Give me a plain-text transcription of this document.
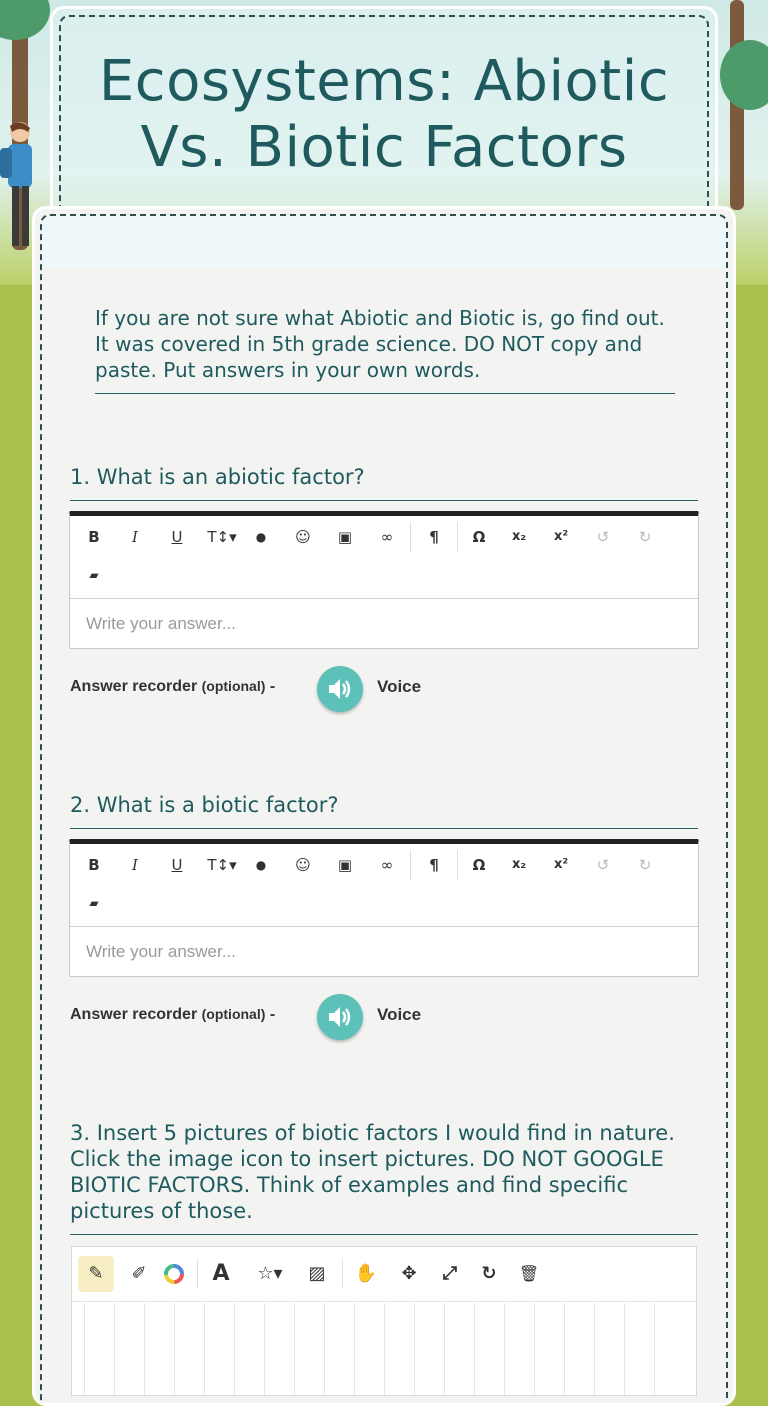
Ecosystems: Abiotic Vs. Biotic Factors
If you are not sure what Abiotic and Biotic is, go find out. It was covered in 5th grade science. DO NOT copy and paste. Put answers in your own words.
1. What is an abiotic factor?
B	I	U	T↕▾	●	☺	▣	∞	¶	Ω	x₂	x²	↺	↻
▰
Write your answer...
Answer recorder (optional) -	Voice
2. What is a biotic factor?
B	I	U	T↕▾	●	☺	▣	∞	¶	Ω	x₂	x²	↺	↻
▰
Write your answer...
Answer recorder (optional) -	Voice
3. Insert 5 pictures of biotic factors I would find in nature. Click the image icon to insert pictures. DO NOT GOOGLE BIOTIC FACTORS. Think of examples and find specific pictures of those.
✎	✐	A	☆▾	▨	✋	✥	⤢	↻	🗑
